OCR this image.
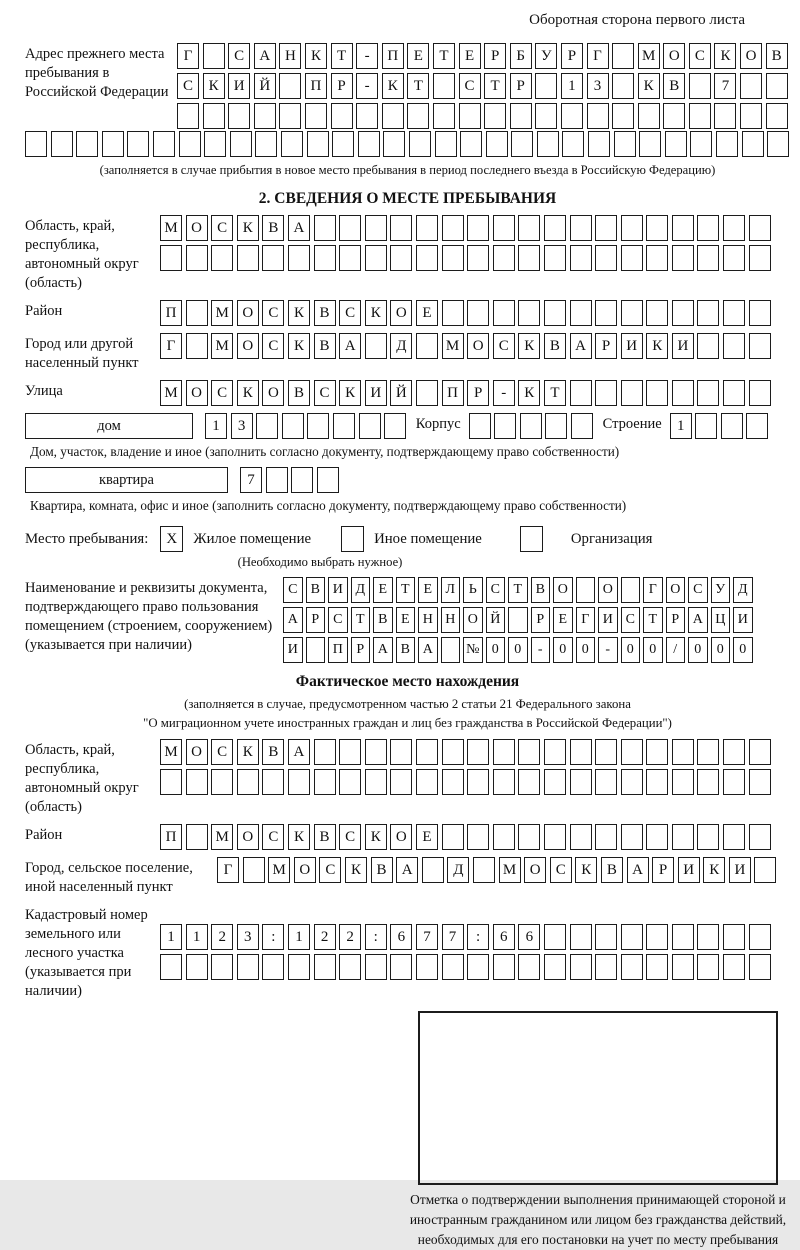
Оборотная сторона первого листа
Адрес прежнего места пребывания в Российской Федерации
Г	С	А Н	К	Т	-	П	Е	Т	Е	Р	Б	У	Р	Г	М О	С	К	О	В
С	К	И Й	П	Р	-	К	Т	С	Т	Р	1	3	К	В	7
(заполняется в случае прибытия в новое место пребывания в период последнего въезда в Российскую Федерацию)
2. СВЕДЕНИЯ О МЕСТЕ ПРЕБЫВАНИЯ
Область, край, республика, автономный округ (область)
М О	С	К	В	А
Район	П	М О	С	К	В	С	К	О	Е
Город или другой населенный пункт
Г	М О	С	К	В	А	Д	М О	С	К	В	А	Р	И	К	И
Улица	М О	С	К	О	В	С	К	И Й	П	Р	-	К	Т
дом	1	3	Корпус	Строение	1
Дом, участок, владение и иное (заполнить согласно документу, подтверждающему право собственности)
квартира	7
Квартира, комната, офис и иное (заполнить согласно документу, подтверждающему право собственности)
Место пребывания:	X	Жилое помещение	Иное помещение	Организация
(Необходимо выбрать нужное)
Наименование и реквизиты документа, подтверждающего право пользования помещением (строением, сооружением) (указывается при наличии)
С В И Д Е Т Е Л Ь С Т В О	О	Г О С У Д
А Р С Т В Е Н Н О Й	Р	Е	Г И С Т	Р А Ц И
И	П Р А В А	№ 0	0	-	0	0	-	0	0	/	0	0	0
Фактическое место нахождения
(заполняется в случае, предусмотренном частью 2 статьи 21 Федерального закона
"О миграционном учете иностранных граждан и лиц без гражданства в Российской Федерации")
Область, край, республика, автономный округ (область)
М О	С	К	В	А
Район	П	М О	С	К	В	С	К	О	Е
Город, сельское поселение, иной населенный пункт
Г	М О	С	К	В	А	Д	М О	С	К	В	А	Р	И	К	И
Кадастровый номер земельного или лесного участка (указывается при наличии)
1	1	2	3	:	1	2	2	:	6	7	7	:	6	6
Отметка о подтверждении выполнения принимающей стороной и иностранным гражданином или лицом без гражданства действий, необходимых для его постановки на учет по месту пребывания
